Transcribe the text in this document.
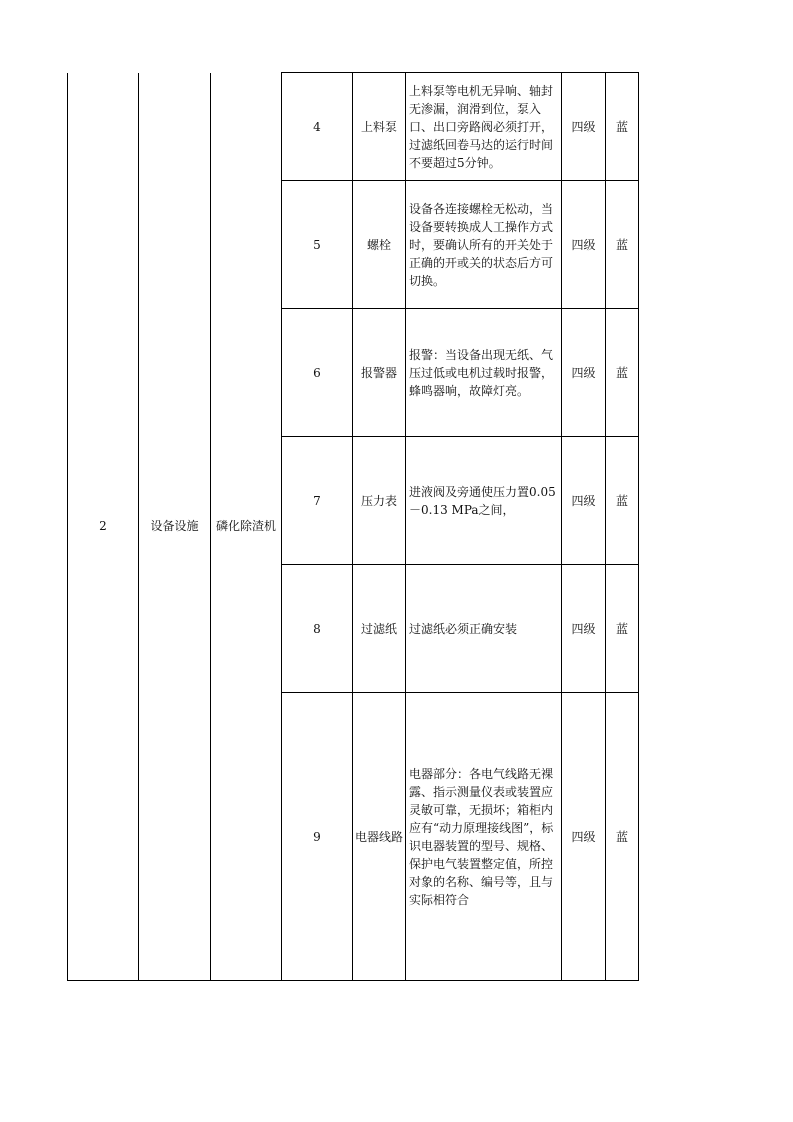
2	设备设施	磷化除渣机	4	上料泵	上料泵等电机无异响、轴封无渗漏，润滑到位，泵入口、出口旁路阀必须打开，过滤纸回卷马达的运行时间不要超过5分钟。	四级	蓝
			5	螺栓	设备各连接螺栓无松动，当设备要转换成人工操作方式时，要确认所有的开关处于正确的开或关的状态后方可切换。	四级	蓝
			6	报警器	报警：当设备出现无纸、气压过低或电机过载时报警，蜂鸣器响，故障灯亮。	四级	蓝
			7	压力表	进液阀及旁通使压力置0.05－0.13 MPa之间，	四级	蓝
			8	过滤纸	过滤纸必须正确安装	四级	蓝
			9	电器线路	电器部分：各电气线路无裸露、指示测量仪表或装置应灵敏可靠，无损坏；箱柜内应有“动力原理接线图”，标识电器装置的型号、规格、保护电气装置整定值，所控对象的名称、编号等，且与实际相符合	四级	蓝
